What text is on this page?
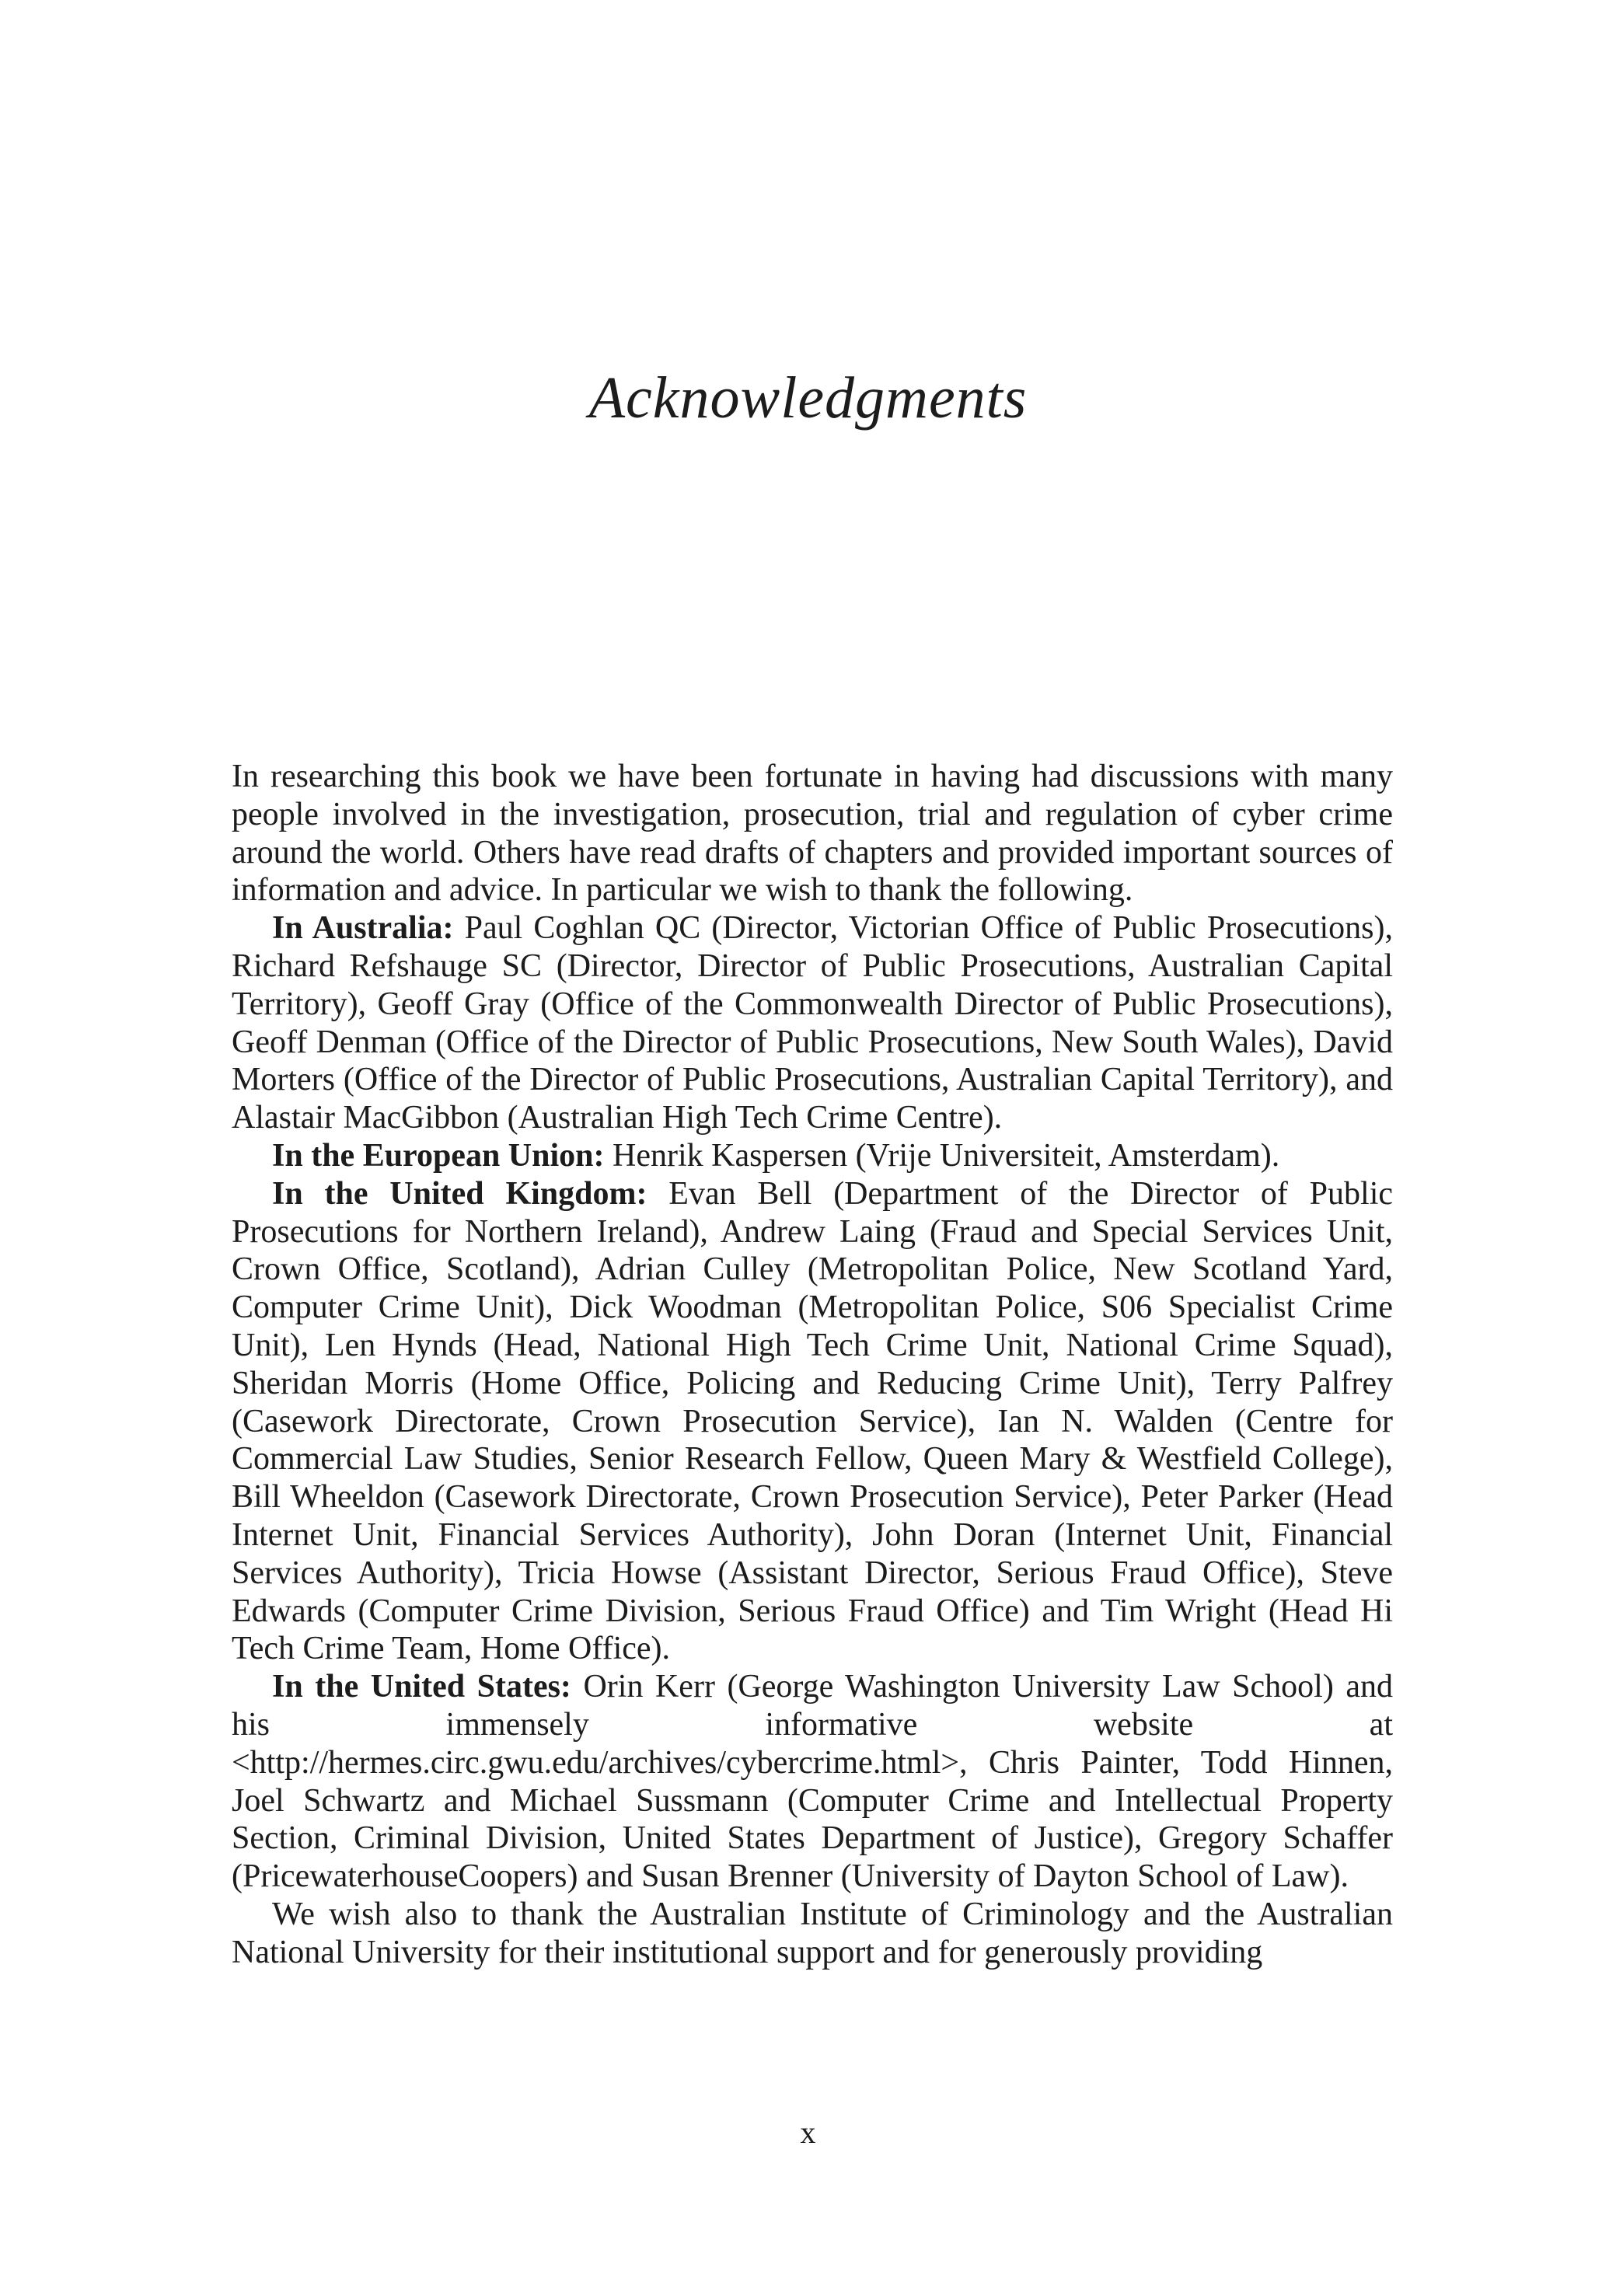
Acknowledgments

In researching this book we have been fortunate in having had discussions with many people involved in the investigation, prosecution, trial and regulation of cyber crime around the world. Others have read drafts of chapters and provided important sources of information and advice. In particular we wish to thank the following.

In Australia: Paul Coghlan QC (Director, Victorian Office of Public Prosecutions), Richard Refshauge SC (Director, Director of Public Prosecutions, Australian Capital Territory), Geoff Gray (Office of the Commonwealth Director of Public Prosecutions), Geoff Denman (Office of the Director of Public Prosecutions, New South Wales), David Morters (Office of the Director of Public Prosecutions, Australian Capital Territory), and Alastair MacGibbon (Australian High Tech Crime Centre).

In the European Union: Henrik Kaspersen (Vrije Universiteit, Amsterdam).

In the United Kingdom: Evan Bell (Department of the Director of Public Prosecutions for Northern Ireland), Andrew Laing (Fraud and Special Services Unit, Crown Office, Scotland), Adrian Culley (Metropolitan Police, New Scotland Yard, Computer Crime Unit), Dick Woodman (Metropolitan Police, S06 Specialist Crime Unit), Len Hynds (Head, National High Tech Crime Unit, National Crime Squad), Sheridan Morris (Home Office, Policing and Reducing Crime Unit), Terry Palfrey (Casework Directorate, Crown Prosecution Service), Ian N. Walden (Centre for Commercial Law Studies, Senior Research Fellow, Queen Mary & Westfield College), Bill Wheeldon (Casework Directorate, Crown Prosecution Service), Peter Parker (Head Internet Unit, Financial Services Authority), John Doran (Internet Unit, Financial Services Authority), Tricia Howse (Assistant Director, Serious Fraud Office), Steve Edwards (Computer Crime Division, Serious Fraud Office) and Tim Wright (Head Hi Tech Crime Team, Home Office).

In the United States: Orin Kerr (George Washington University Law School) and his immensely informative website at <http://hermes.circ.gwu.edu/archives/cybercrime.html>, Chris Painter, Todd Hinnen, Joel Schwartz and Michael Sussmann (Computer Crime and Intellectual Property Section, Criminal Division, United States Department of Justice), Gregory Schaffer (PricewaterhouseCoopers) and Susan Brenner (University of Dayton School of Law).

We wish also to thank the Australian Institute of Criminology and the Australian National University for their institutional support and for generously providing

x
